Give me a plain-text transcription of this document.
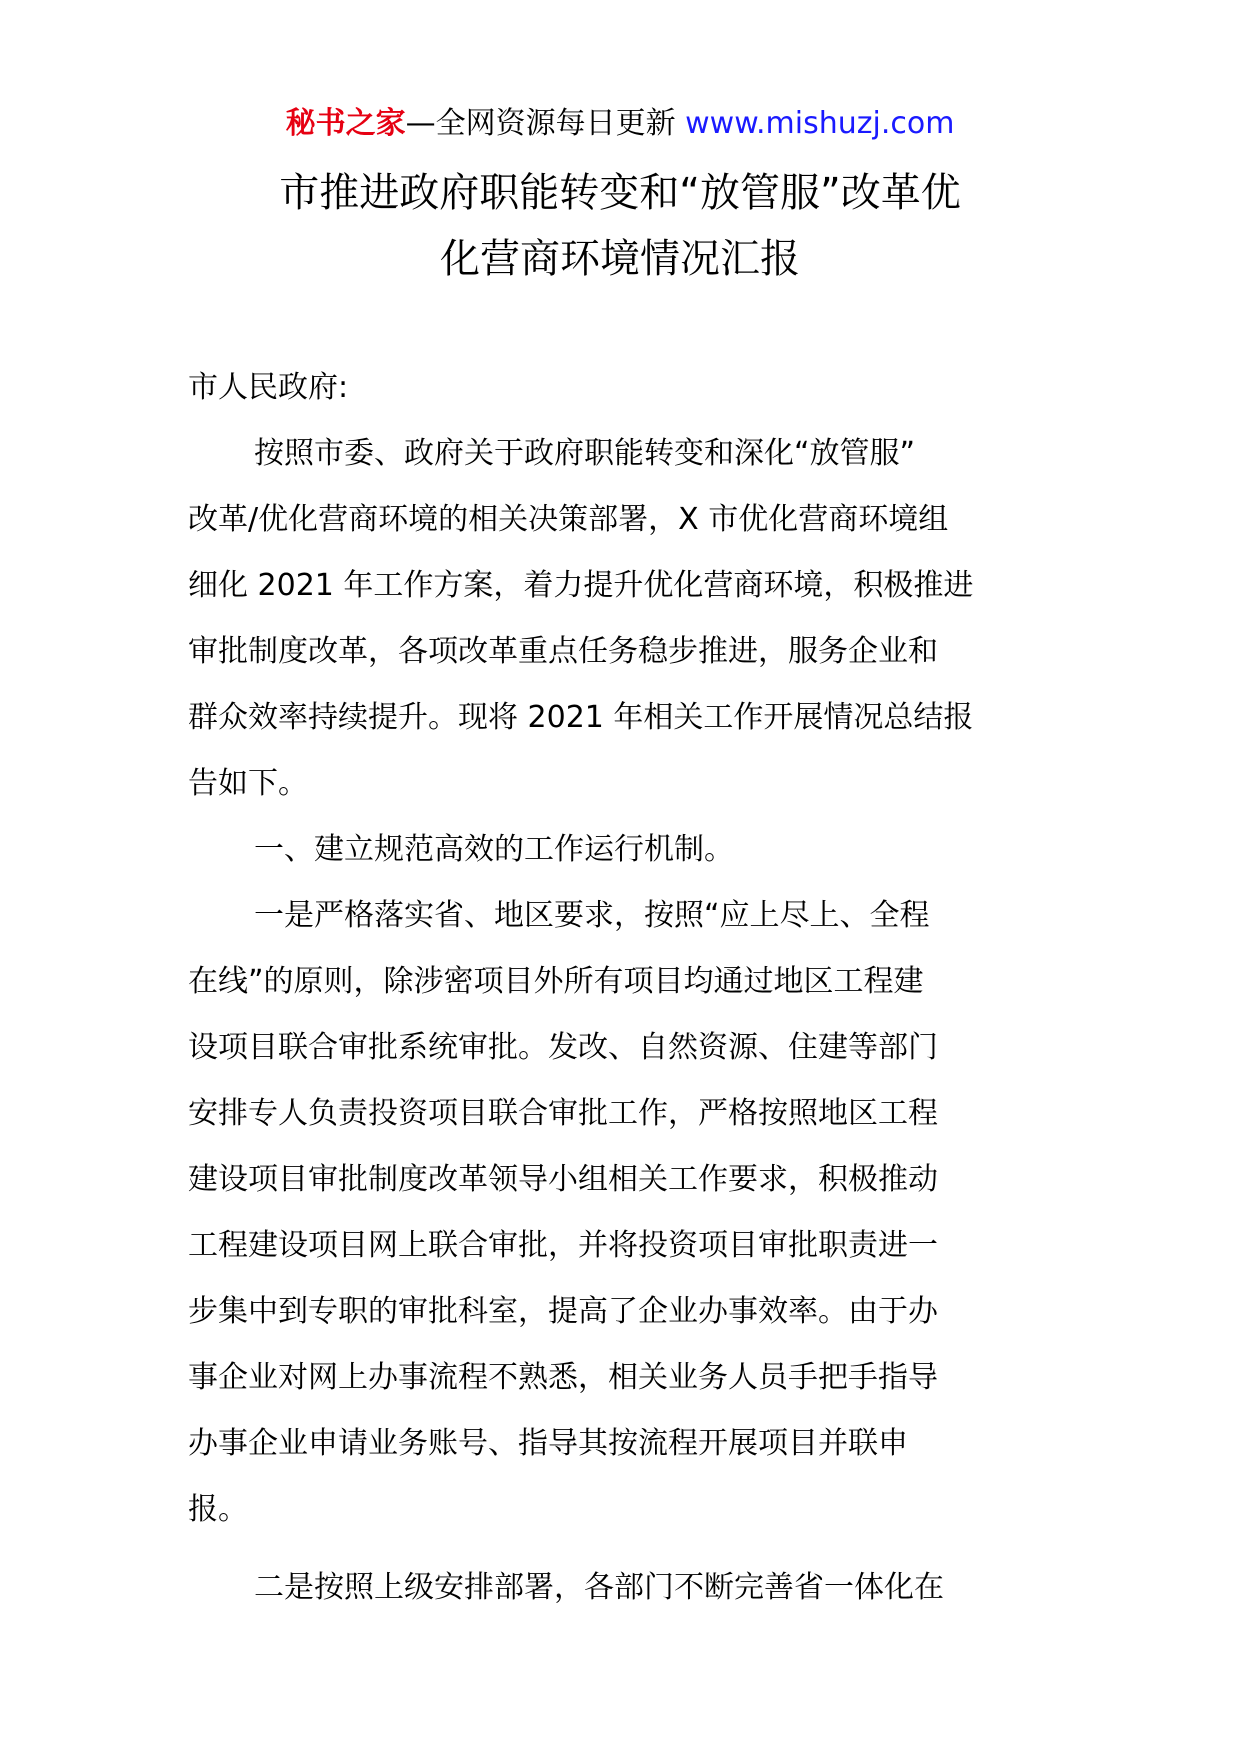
秘书之家—全网资源每日更新 www.mishuzj.com
市推进政府职能转变和“放管服”改革优
化营商环境情况汇报

市人民政府:

按照市委、政府关于政府职能转变和深化“放管服”
改革/优化营商环境的相关决策部署，X 市优化营商环境组
细化 2021 年工作方案，着力提升优化营商环境，积极推进
审批制度改革，各项改革重点任务稳步推进，服务企业和
群众效率持续提升。现将 2021 年相关工作开展情况总结报
告如下。

一、建立规范高效的工作运行机制。

一是严格落实省、地区要求，按照“应上尽上、全程
在线”的原则，除涉密项目外所有项目均通过地区工程建
设项目联合审批系统审批。发改、自然资源、住建等部门
安排专人负责投资项目联合审批工作，严格按照地区工程
建设项目审批制度改革领导小组相关工作要求，积极推动
工程建设项目网上联合审批，并将投资项目审批职责进一
步集中到专职的审批科室，提高了企业办事效率。由于办
事企业对网上办事流程不熟悉，相关业务人员手把手指导
办事企业申请业务账号、指导其按流程开展项目并联申
报。

二是按照上级安排部署，各部门不断完善省一体化在
